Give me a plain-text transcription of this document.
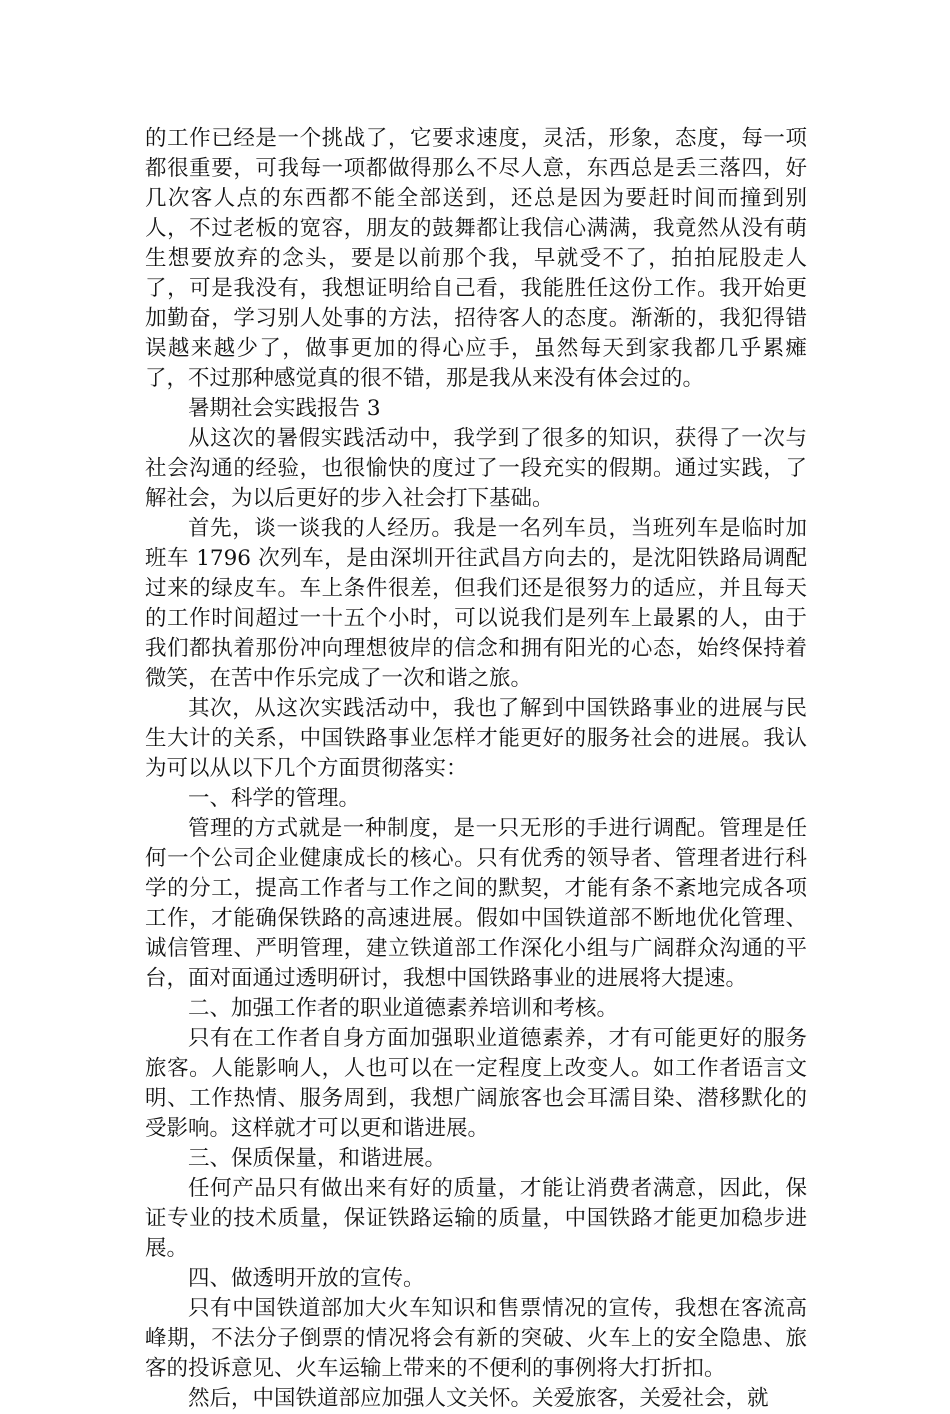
的工作已经是一个挑战了，它要求速度，灵活，形象，态度，每一项都很重要，可我每一项都做得那么不尽人意，东西总是丢三落四，好几次客人点的东西都不能全部送到，还总是因为要赶时间而撞到别人，不过老板的宽容，朋友的鼓舞都让我信心满满，我竟然从没有萌生想要放弃的念头，要是以前那个我，早就受不了，拍拍屁股走人了，可是我没有，我想证明给自己看，我能胜任这份工作。我开始更加勤奋，学习别人处事的方法，招待客人的态度。渐渐的，我犯得错误越来越少了，做事更加的得心应手，虽然每天到家我都几乎累瘫了，不过那种感觉真的很不错，那是我从来没有体会过的。

暑期社会实践报告 3

从这次的暑假实践活动中，我学到了很多的知识，获得了一次与社会沟通的经验，也很愉快的度过了一段充实的假期。通过实践，了解社会，为以后更好的步入社会打下基础。

首先，谈一谈我的人经历。我是一名列车员，当班列车是临时加班车 1796 次列车，是由深圳开往武昌方向去的，是沈阳铁路局调配过来的绿皮车。车上条件很差，但我们还是很努力的适应，并且每天的工作时间超过一十五个小时，可以说我们是列车上最累的人，由于我们都执着那份冲向理想彼岸的信念和拥有阳光的心态，始终保持着微笑，在苦中作乐完成了一次和谐之旅。

其次，从这次实践活动中，我也了解到中国铁路事业的进展与民生大计的关系，中国铁路事业怎样才能更好的服务社会的进展。我认为可以从以下几个方面贯彻落实：

一、科学的管理。

管理的方式就是一种制度，是一只无形的手进行调配。管理是任何一个公司企业健康成长的核心。只有优秀的领导者、管理者进行科学的分工，提高工作者与工作之间的默契，才能有条不紊地完成各项工作，才能确保铁路的高速进展。假如中国铁道部不断地优化管理、诚信管理、严明管理，建立铁道部工作深化小组与广阔群众沟通的平台，面对面通过透明研讨，我想中国铁路事业的进展将大提速。

二、加强工作者的职业道德素养培训和考核。

只有在工作者自身方面加强职业道德素养，才有可能更好的服务旅客。人能影响人，人也可以在一定程度上改变人。如工作者语言文明、工作热情、服务周到，我想广阔旅客也会耳濡目染、潜移默化的受影响。这样就才可以更和谐进展。

三、保质保量，和谐进展。

任何产品只有做出来有好的质量，才能让消费者满意，因此，保证专业的技术质量，保证铁路运输的质量，中国铁路才能更加稳步进展。

四、做透明开放的宣传。

只有中国铁道部加大火车知识和售票情况的宣传，我想在客流高峰期，不法分子倒票的情况将会有新的突破、火车上的安全隐患、旅客的投诉意见、火车运输上带来的不便利的事例将大打折扣。

然后，中国铁道部应加强人文关怀。关爱旅客，关爱社会，就
